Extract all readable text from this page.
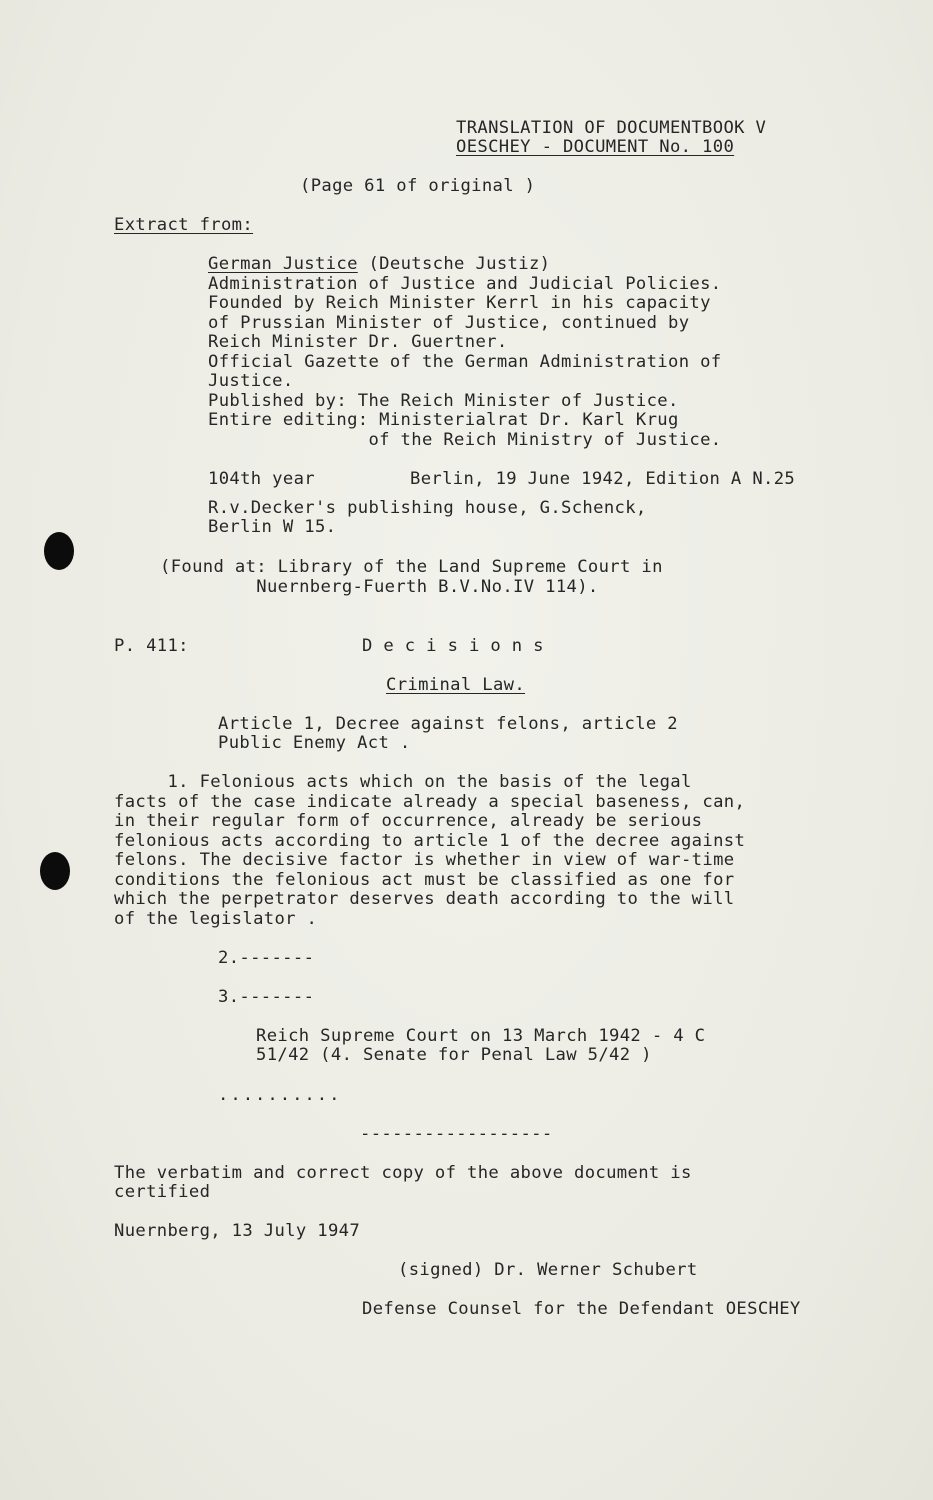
TRANSLATION OF DOCUMENTBOOK V

OESCHEY - DOCUMENT No. 100

(Page 61 of original )

Extract from:

German Justice (Deutsche Justiz)

Administration of Justice and Judicial Policies.

Founded by Reich Minister Kerrl in his capacity

of Prussian Minister of Justice, continued by

Reich Minister Dr. Guertner.

Official Gazette of the German Administration of

Justice.

Published by: The Reich Minister of Justice.

Entire editing: Ministerialrat Dr. Karl Krug

of the Reich Ministry of Justice.

104th year	Berlin, 19 June 1942, Edition A N.25

R.v.Decker's publishing house, G.Schenck,

Berlin W 15.

(Found at: Library of the Land Supreme Court in

Nuernberg-Fuerth B.V.No.IV 114).

P. 411:	D e c i s i o n s

Criminal Law.

Article 1, Decree against felons, article 2

Public Enemy Act .

1. Felonious acts which on the basis of the legal

facts of the case indicate already a special baseness, can,

in their regular form of occurrence, already be serious

felonious acts according to article 1 of the decree against

felons. The decisive factor is whether in view of war-time

conditions the felonious act must be classified as one for

which the perpetrator deserves death according to the will

of the legislator .

2.-------

3.-------

Reich Supreme Court on 13 March 1942 - 4 C

51/42 (4. Senate for Penal Law 5/42 )

..........

------------------

The verbatim and correct copy of the above document is

certified

Nuernberg, 13 July 1947

(signed) Dr. Werner Schubert

Defense Counsel for the Defendant OESCHEY
